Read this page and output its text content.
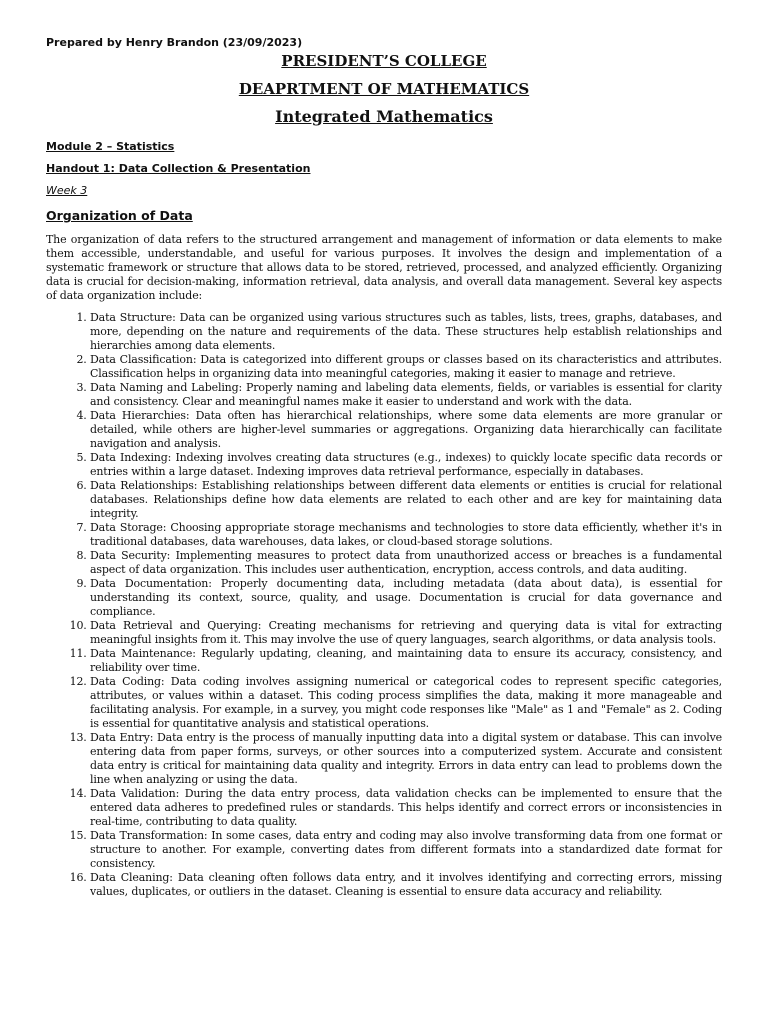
Prepared by Henry Brandon (23/09/2023)

PRESIDENT’S COLLEGE
DEAPRTMENT OF MATHEMATICS
Integrated Mathematics

Module 2 – Statistics

Handout 1: Data Collection & Presentation

Week 3

Organization of Data

The organization of data refers to the structured arrangement and management of information or data elements to make them accessible, understandable, and useful for various purposes. It involves the design and implementation of a systematic framework or structure that allows data to be stored, retrieved, processed, and analyzed efficiently. Organizing data is crucial for decision-making, information retrieval, data analysis, and overall data management. Several key aspects of data organization include:

1. Data Structure: Data can be organized using various structures such as tables, lists, trees, graphs, databases, and more, depending on the nature and requirements of the data. These structures help establish relationships and hierarchies among data elements.
2. Data Classification: Data is categorized into different groups or classes based on its characteristics and attributes. Classification helps in organizing data into meaningful categories, making it easier to manage and retrieve.
3. Data Naming and Labeling: Properly naming and labeling data elements, fields, or variables is essential for clarity and consistency. Clear and meaningful names make it easier to understand and work with the data.
4. Data Hierarchies: Data often has hierarchical relationships, where some data elements are more granular or detailed, while others are higher-level summaries or aggregations. Organizing data hierarchically can facilitate navigation and analysis.
5. Data Indexing: Indexing involves creating data structures (e.g., indexes) to quickly locate specific data records or entries within a large dataset. Indexing improves data retrieval performance, especially in databases.
6. Data Relationships: Establishing relationships between different data elements or entities is crucial for relational databases. Relationships define how data elements are related to each other and are key for maintaining data integrity.
7. Data Storage: Choosing appropriate storage mechanisms and technologies to store data efficiently, whether it's in traditional databases, data warehouses, data lakes, or cloud-based storage solutions.
8. Data Security: Implementing measures to protect data from unauthorized access or breaches is a fundamental aspect of data organization. This includes user authentication, encryption, access controls, and data auditing.
9. Data Documentation: Properly documenting data, including metadata (data about data), is essential for understanding its context, source, quality, and usage. Documentation is crucial for data governance and compliance.
10. Data Retrieval and Querying: Creating mechanisms for retrieving and querying data is vital for extracting meaningful insights from it. This may involve the use of query languages, search algorithms, or data analysis tools.
11. Data Maintenance: Regularly updating, cleaning, and maintaining data to ensure its accuracy, consistency, and reliability over time.
12. Data Coding: Data coding involves assigning numerical or categorical codes to represent specific categories, attributes, or values within a dataset. This coding process simplifies the data, making it more manageable and facilitating analysis. For example, in a survey, you might code responses like "Male" as 1 and "Female" as 2. Coding is essential for quantitative analysis and statistical operations.
13. Data Entry: Data entry is the process of manually inputting data into a digital system or database. This can involve entering data from paper forms, surveys, or other sources into a computerized system. Accurate and consistent data entry is critical for maintaining data quality and integrity. Errors in data entry can lead to problems down the line when analyzing or using the data.
14. Data Validation: During the data entry process, data validation checks can be implemented to ensure that the entered data adheres to predefined rules or standards. This helps identify and correct errors or inconsistencies in real-time, contributing to data quality.
15. Data Transformation: In some cases, data entry and coding may also involve transforming data from one format or structure to another. For example, converting dates from different formats into a standardized date format for consistency.
16. Data Cleaning: Data cleaning often follows data entry, and it involves identifying and correcting errors, missing values, duplicates, or outliers in the dataset. Cleaning is essential to ensure data accuracy and reliability.
